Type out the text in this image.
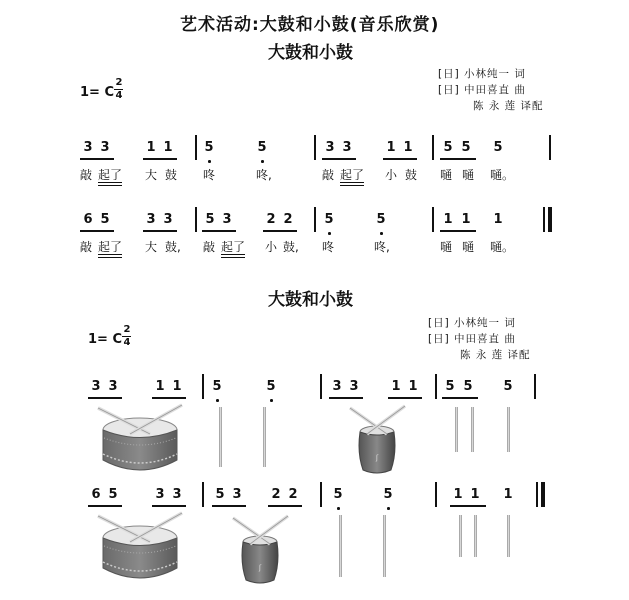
艺术活动:大鼓和小鼓(音乐欣赏)
大鼓和小鼓
1= C
2
4
[日] 小林纯一 词
[日] 中田喜直 曲
陈 永 莲 译配
3 3	1 1 5	5	3 3	1 1 5 5 5
敲 起了 大 鼓 咚	咚,	敲 起了 小 鼓 嗵 嗵 嗵。
6 5	3 3	5 3	2 2 5	5	1 1 1
敲 起了 大 鼓, 敲 起了 小 鼓, 咚	咚,	嗵 嗵 嗵。
大鼓和小鼓
1= C
2
4
[日] 小林纯一 词
[日] 中田喜直 曲
陈 永 莲 译配
3 3	1 1 5	5	3 3	1 1 5 5 5
ʃ
6 5	3 3	5 3 2 2	5	5	1 1 1
ʃ
